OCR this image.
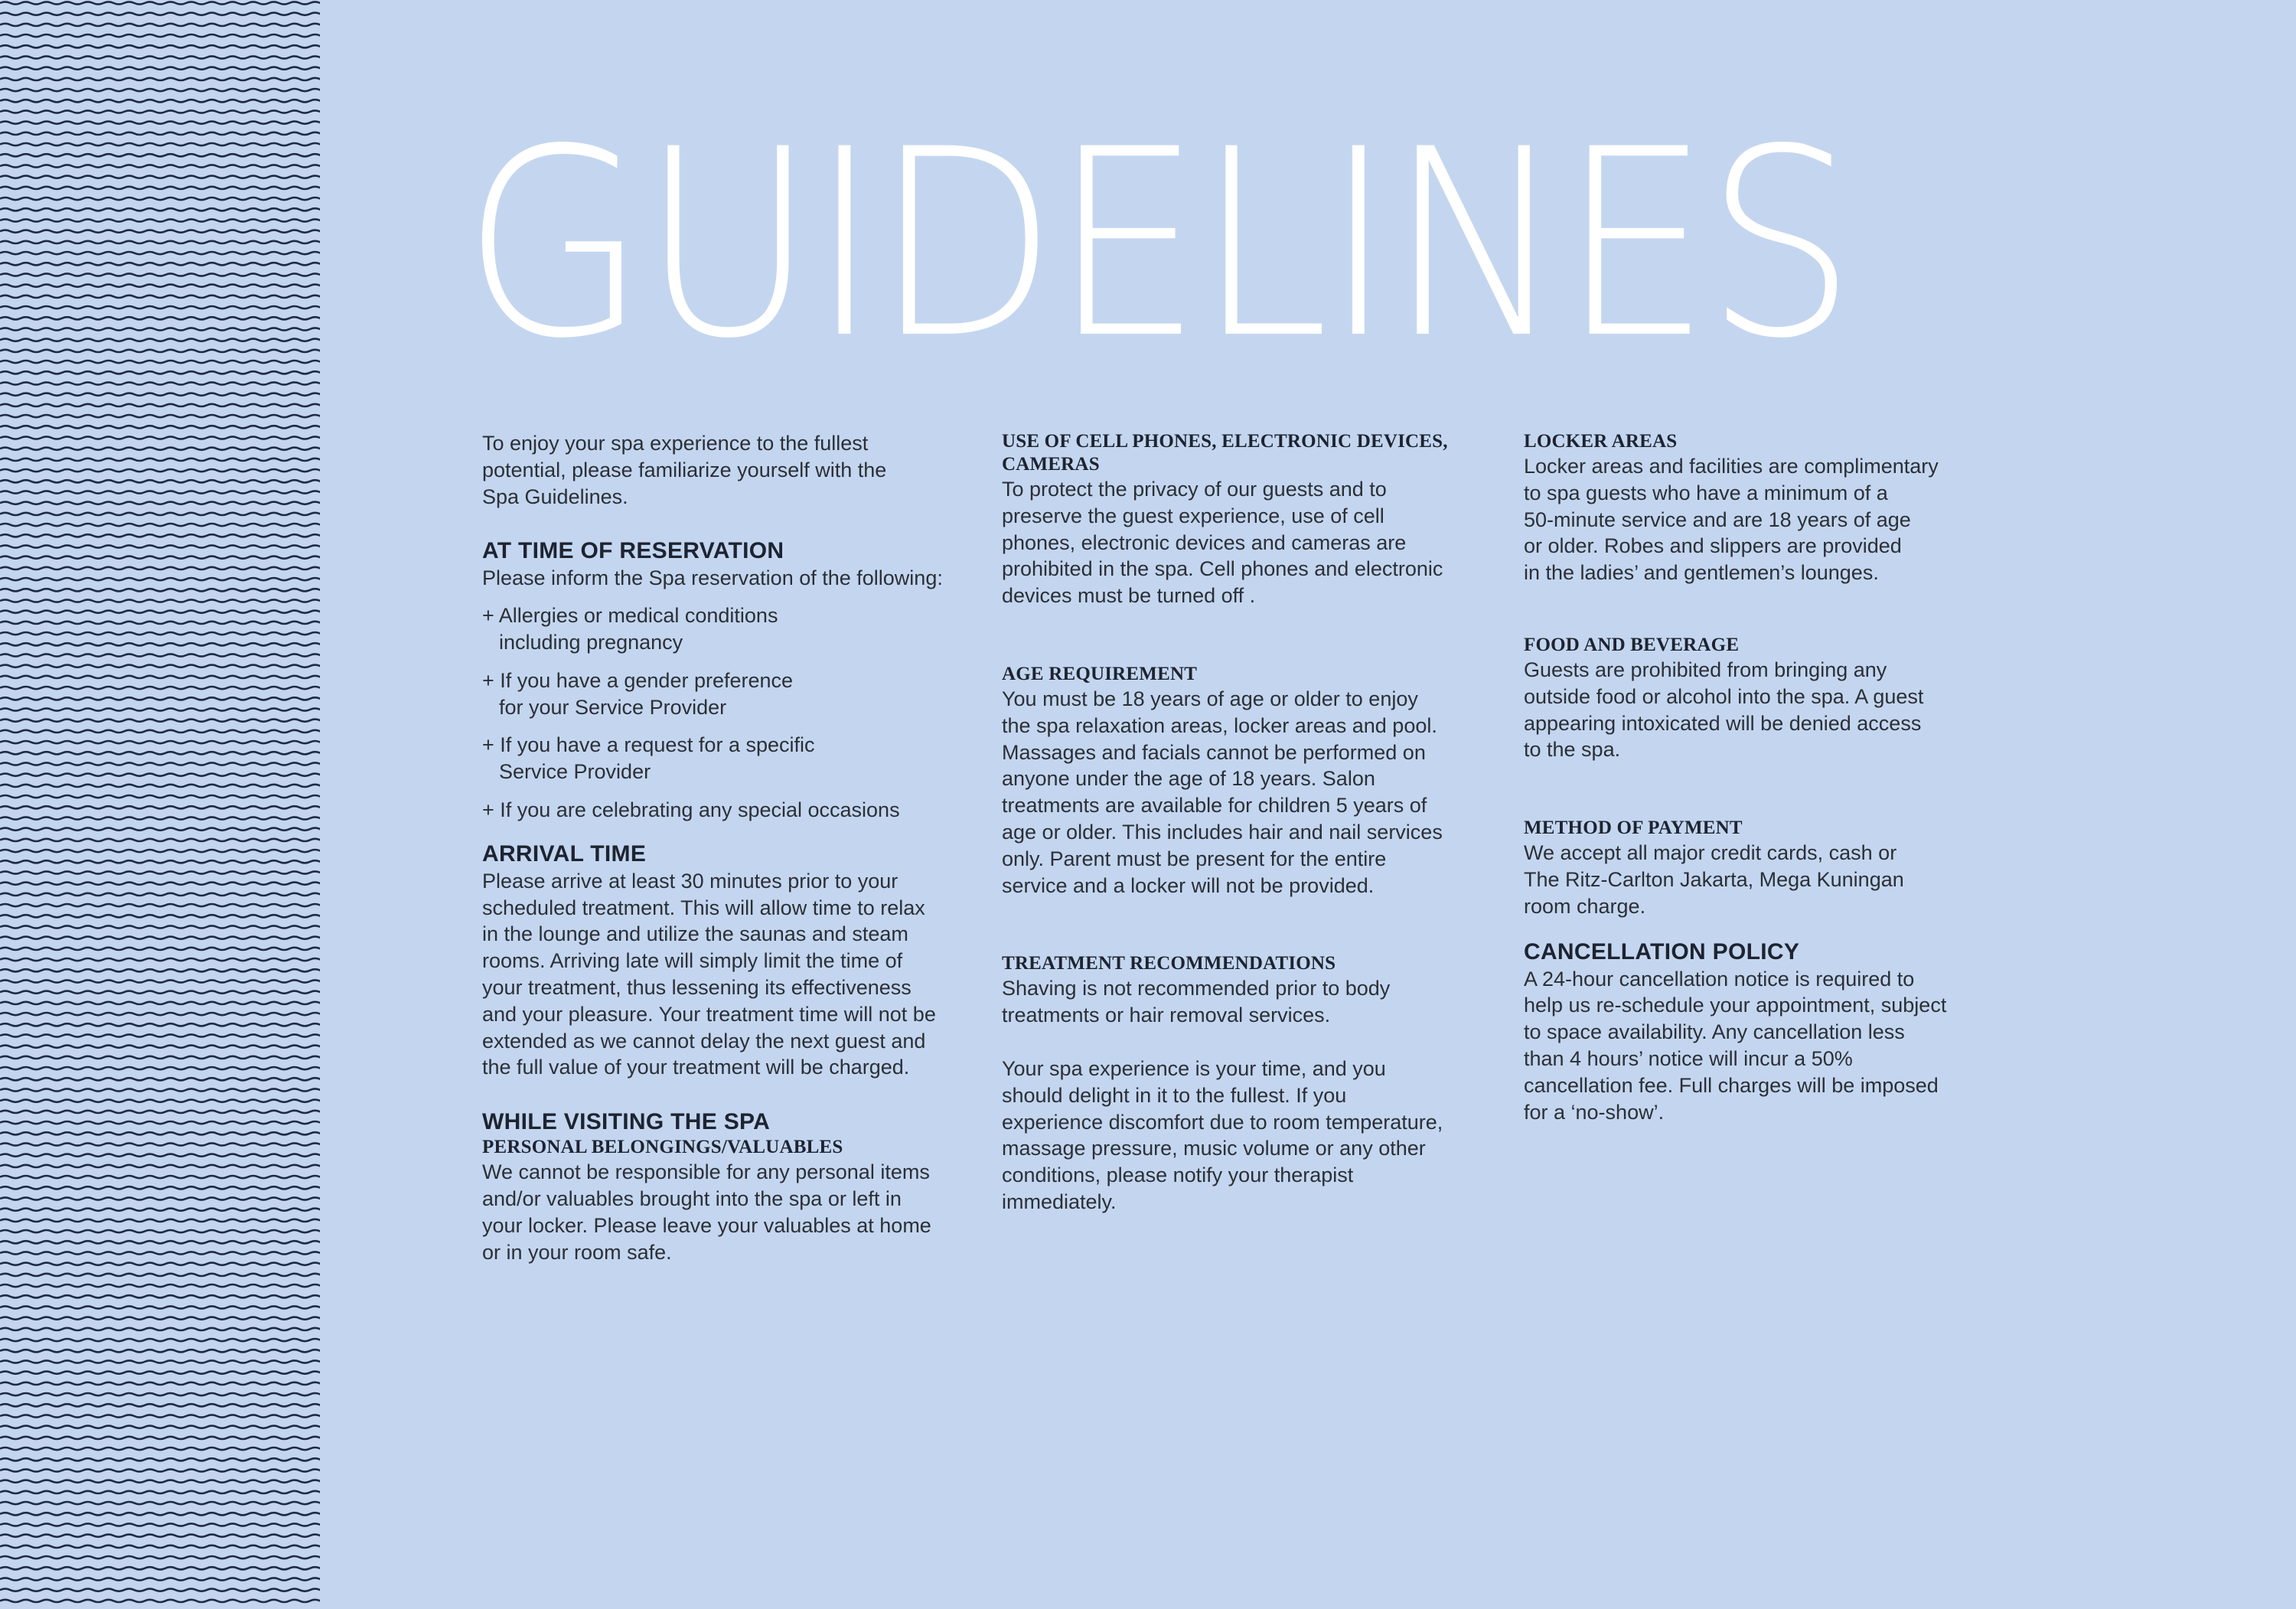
GUIDELINES
To enjoy your spa experience to the fullest
potential, please familiarize yourself with the
Spa Guidelines.
AT TIME OF RESERVATION
Please inform the Spa reservation of the following:
+ Allergies or medical conditions
including pregnancy
+ If you have a gender preference
for your Service Provider
+ If you have a request for a specific
Service Provider
+ If you are celebrating any special occasions
ARRIVAL TIME
Please arrive at least 30 minutes prior to your
scheduled treatment. This will allow time to relax
in the lounge and utilize the saunas and steam
rooms. Arriving late will simply limit the time of
your treatment, thus lessening its effectiveness
and your pleasure. Your treatment time will not be
extended as we cannot delay the next guest and
the full value of your treatment will be charged.
WHILE VISITING THE SPA
PERSONAL BELONGINGS/VALUABLES
We cannot be responsible for any personal items
and/or valuables brought into the spa or left in
your locker. Please leave your valuables at home
or in your room safe.
USE OF CELL PHONES, ELECTRONIC DEVICES,
CAMERAS
To protect the privacy of our guests and to
preserve the guest experience, use of cell
phones, electronic devices and cameras are
prohibited in the spa. Cell phones and electronic
devices must be turned off .
AGE REQUIREMENT
You must be 18 years of age or older to enjoy
the spa relaxation areas, locker areas and pool.
Massages and facials cannot be performed on
anyone under the age of 18 years. Salon
treatments are available for children 5 years of
age or older. This includes hair and nail services
only. Parent must be present for the entire
service and a locker will not be provided.
TREATMENT RECOMMENDATIONS
Shaving is not recommended prior to body
treatments or hair removal services.
Your spa experience is your time, and you
should delight in it to the fullest. If you
experience discomfort due to room temperature,
massage pressure, music volume or any other
conditions, please notify your therapist
immediately.
LOCKER AREAS
Locker areas and facilities are complimentary
to spa guests who have a minimum of a
50-minute service and are 18 years of age
or older. Robes and slippers are provided
in the ladies’ and gentlemen’s lounges.
FOOD AND BEVERAGE
Guests are prohibited from bringing any
outside food or alcohol into the spa. A guest
appearing intoxicated will be denied access
to the spa.
METHOD OF PAYMENT
We accept all major credit cards, cash or
The Ritz-Carlton Jakarta, Mega Kuningan
room charge.
CANCELLATION POLICY
A 24-hour cancellation notice is required to
help us re-schedule your appointment, subject
to space availability. Any cancellation less
than 4 hours’ notice will incur a 50%
cancellation fee. Full charges will be imposed
for a ‘no-show’.
